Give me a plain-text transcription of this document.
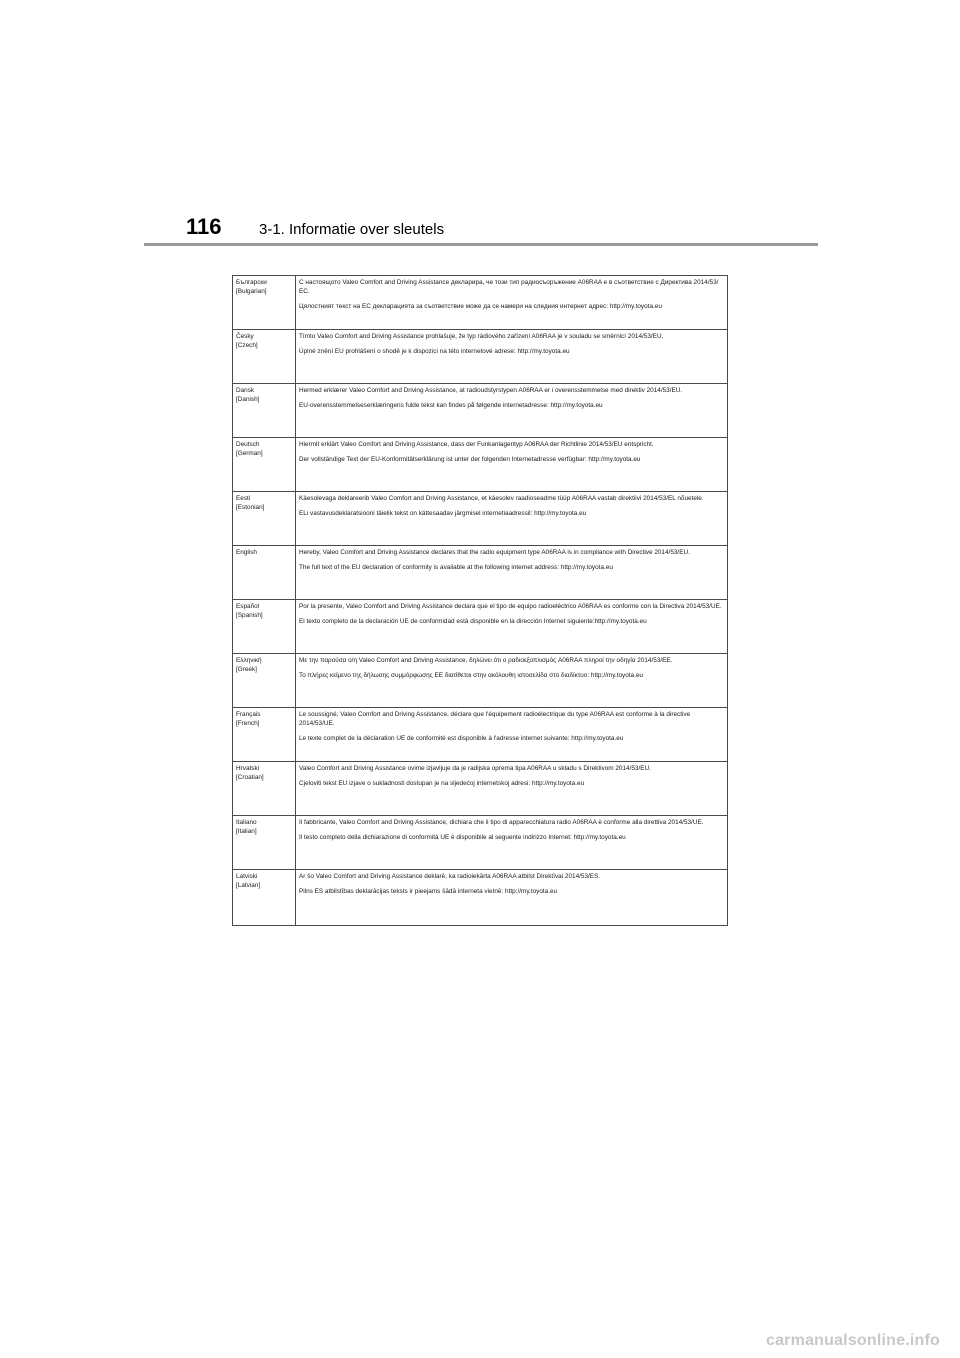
116	3-1. Informatie over sleutels
Български
[Bulgarian]	С настоящото Valeo Comfort and Driving Assistance декларира, че този тип радиосъоръжение A06RAA е в съответствие с Директива 2014/53/ЕС.
Цялостният текст на ЕС декларацията за съответствие може да се намери на следния интернет адрес: http://my.toyota.eu

Česky
[Czech]	Tímto Valeo Comfort and Driving Assistance prohlašuje, že typ rádiového zařízení A06RAA je v souladu se směrnicí 2014/53/EU.
Úplné znění EU prohlášení o shodě je k dispozici na této internetové adrese: http://my.toyota.eu

Dansk
[Danish]	Hermed erklærer Valeo Comfort and Driving Assistance, at radioudstyrstypen A06RAA er i overensstemmelse med direktiv 2014/53/EU.
EU-overensstemmelseserklæringens fulde tekst kan findes på følgende internetadresse: http://my.toyota.eu

Deutsch
[German]	Hiermit erklärt Valeo Comfort and Driving Assistance, dass der Funkanlagentyp A06RAA der Richtlinie 2014/53/EU entspricht.
Der vollständige Text der EU-Konformitätserklärung ist unter der folgenden Internetadresse verfügbar: http://my.toyota.eu

Eesti
[Estonian]	Käesolevaga deklareerib Valeo Comfort and Driving Assistance, et käesolev raadioseadme tüüp A06RAA vastab direktiivi 2014/53/EL nõuetele.
ELi vastavusdeklaratsiooni täielik tekst on kättesaadav järgmisel internetiaadressil: http://my.toyota.eu

English	Hereby, Valeo Comfort and Driving Assistance declares that the radio equipment type A06RAA is in compliance with Directive 2014/53/EU.
The full text of the EU declaration of conformity is available at the following internet address: http://my.toyota.eu

Español
[Spanish]	Por la presente, Valeo Comfort and Driving Assistance declara que el tipo de equipo radioeléctrico A06RAA es conforme con la Directiva 2014/53/UE.
El texto completo de la declaración UE de conformidad está disponible en la dirección Internet siguiente:http://my.toyota.eu

Ελληνική
[Greek]	Με την παρούσα ο/η Valeo Comfort and Driving Assistance, δηλώνει ότι ο ραδιοεξοπλισμός A06RAA πληροί την οδηγία 2014/53/ΕΕ.
Το πλήρες κείμενο της δήλωσης συμμόρφωσης ΕΕ διατίθεται στην ακόλουθη ιστοσελίδα στο διαδίκτυο: http://my.toyota.eu

Français
[French]	Le soussigné, Valeo Comfort and Driving Assistance, déclare que l'équipement radioélectrique du type A06RAA est conforme à la directive 2014/53/UE.
Le texte complet de la déclaration UE de conformité est disponible à l'adresse internet suivante: http://my.toyota.eu

Hrvatski
[Croatian]	Valeo Comfort and Driving Assistance ovime izjavljuje da je radijska oprema tipa A06RAA u skladu s Direktivom 2014/53/EU.
Cjeloviti tekst EU izjave o sukladnosti dostupan je na sljedećoj internetskoj adresi: http://my.toyota.eu

Italiano
[Italian]	Il fabbricante, Valeo Comfort and Driving Assistance, dichiara che il tipo di apparecchiatura radio A06RAA è conforme alla direttiva 2014/53/UE.
Il testo completo della dichiarazione di conformità UE è disponibile al seguente indirizzo Internet: http://my.toyota.eu

Latviski
[Latvian]	Ar šo Valeo Comfort and Driving Assistance deklarē, ka radioiekārta A06RAA atbilst Direktīvai 2014/53/ES.
Pilns ES atbilstības deklarācijas teksts ir pieejams šādā interneta vietnē: http://my.toyota.eu
carmanualsonline.info
